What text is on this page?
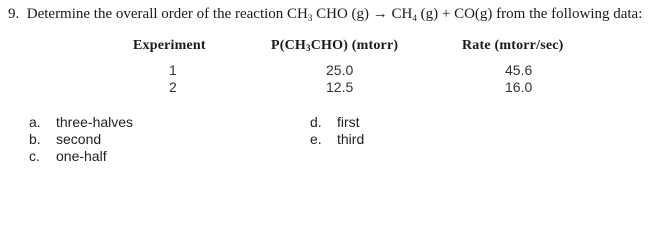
9. Determine the overall order of the reaction $CH_3$ CHO $(g) \to CH_4$ (g) + CO(g) from the following data:
Experiment	$P(CH_3CHO)$ (mtorr)	Rate (mtorr/sec)
1	25.0	45.6
2	12.5	16.0
a. three-halves
b. second
c. one-half
d. first
e. third
